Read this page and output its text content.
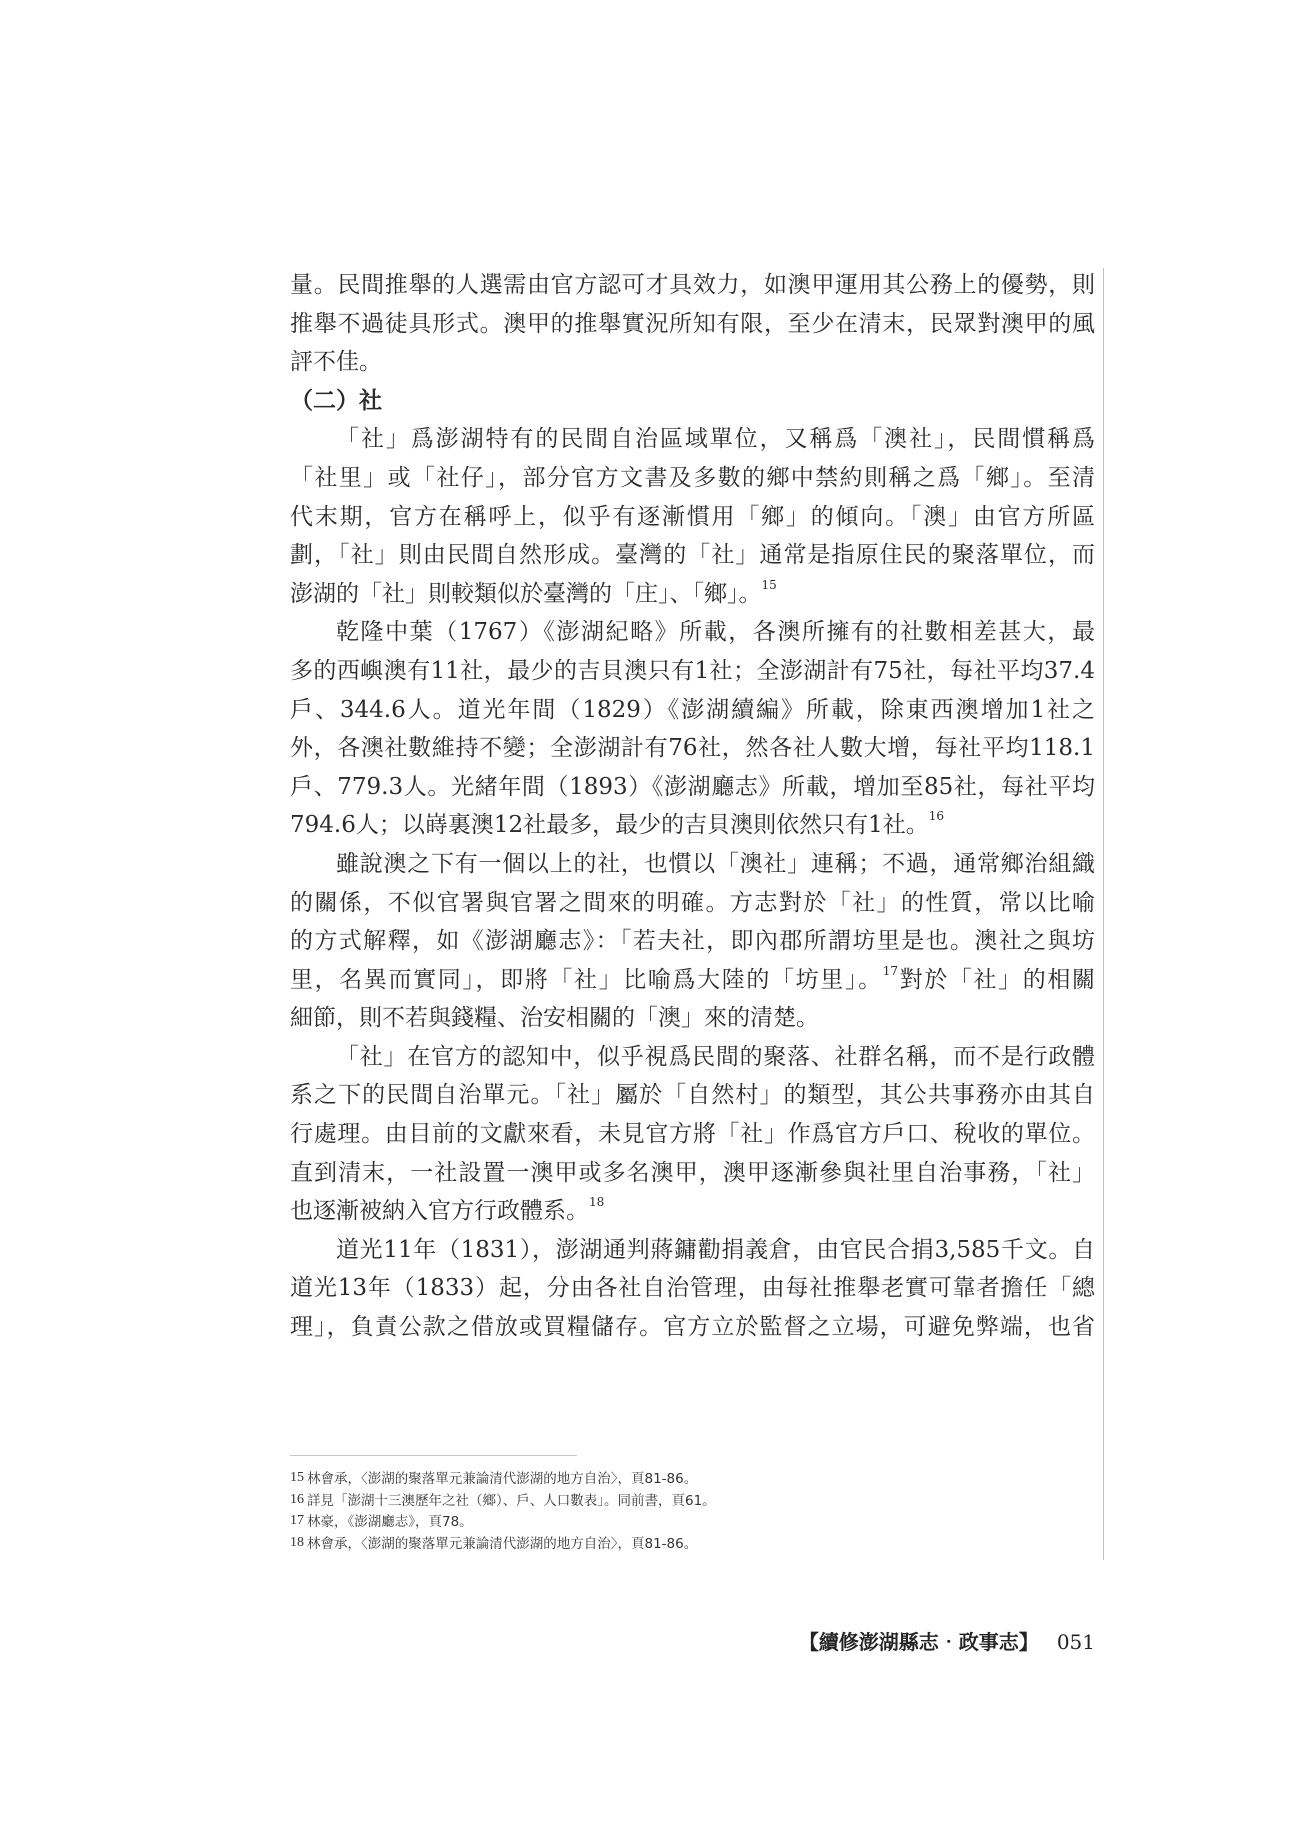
量。民間推舉的人選需由官方認可才具效力，如澳甲運用其公務上的優勢，則
推舉不過徒具形式。澳甲的推舉實況所知有限，至少在清末，民眾對澳甲的風
評不佳。
（二）社
「社」爲澎湖特有的民間自治區域單位，又稱爲「澳社」，民間慣稱爲
「社里」或「社仔」，部分官方文書及多數的鄉中禁約則稱之爲「鄉」。至清
代末期，官方在稱呼上，似乎有逐漸慣用「鄉」的傾向。「澳」由官方所區
劃，「社」則由民間自然形成。臺灣的「社」通常是指原住民的聚落單位，而
澎湖的「社」則較類似於臺灣的「庄」、「鄉」。$^{15}$
乾隆中葉（1767）《澎湖紀略》所載，各澳所擁有的社數相差甚大，最
多的西嶼澳有11社，最少的吉貝澳只有1社；全澎湖計有75社，每社平均37.4
戶、344.6人。道光年間（1829）《澎湖續編》所載，除東西澳增加1社之
外，各澳社數維持不變；全澎湖計有76社，然各社人數大增，每社平均118.1
戶、779.3人。光緒年間（1893）《澎湖廳志》所載，增加至85社，每社平均
794.6人；以嵵裏澳12社最多，最少的吉貝澳則依然只有1社。$^{16}$
雖說澳之下有一個以上的社，也慣以「澳社」連稱；不過，通常鄉治組織
的關係，不似官署與官署之間來的明確。方志對於「社」的性質，常以比喻
的方式解釋，如《澎湖廳志》：「若夫社，即內郡所謂坊里是也。澳社之與坊
里，名異而實同」，即將「社」比喻爲大陸的「坊里」。$^{17}$對於「社」的相關
細節，則不若與錢糧、治安相關的「澳」來的清楚。
「社」在官方的認知中，似乎視爲民間的聚落、社群名稱，而不是行政體
系之下的民間自治單元。「社」屬於「自然村」的類型，其公共事務亦由其自
行處理。由目前的文獻來看，未見官方將「社」作爲官方戶口、稅收的單位。
直到清末，一社設置一澳甲或多名澳甲，澳甲逐漸參與社里自治事務，「社」
也逐漸被納入官方行政體系。$^{18}$
道光11年（1831），澎湖通判蔣鏞勸捐義倉，由官民合捐3,585千文。自
道光13年（1833）起，分由各社自治管理，由每社推舉老實可靠者擔任「總
理」，負責公款之借放或買糧儲存。官方立於監督之立場，可避免弊端，也省
15 林會承，〈澎湖的聚落單元兼論清代澎湖的地方自治〉，頁81-86。
16 詳見「澎湖十三澳歷年之社（鄉）、戶、人口數表」。同前書，頁61。
17 林豪，《澎湖廳志》，頁78。
18 林會承，〈澎湖的聚落單元兼論清代澎湖的地方自治〉，頁81-86。
【續修澎湖縣志‧政事志】 051
